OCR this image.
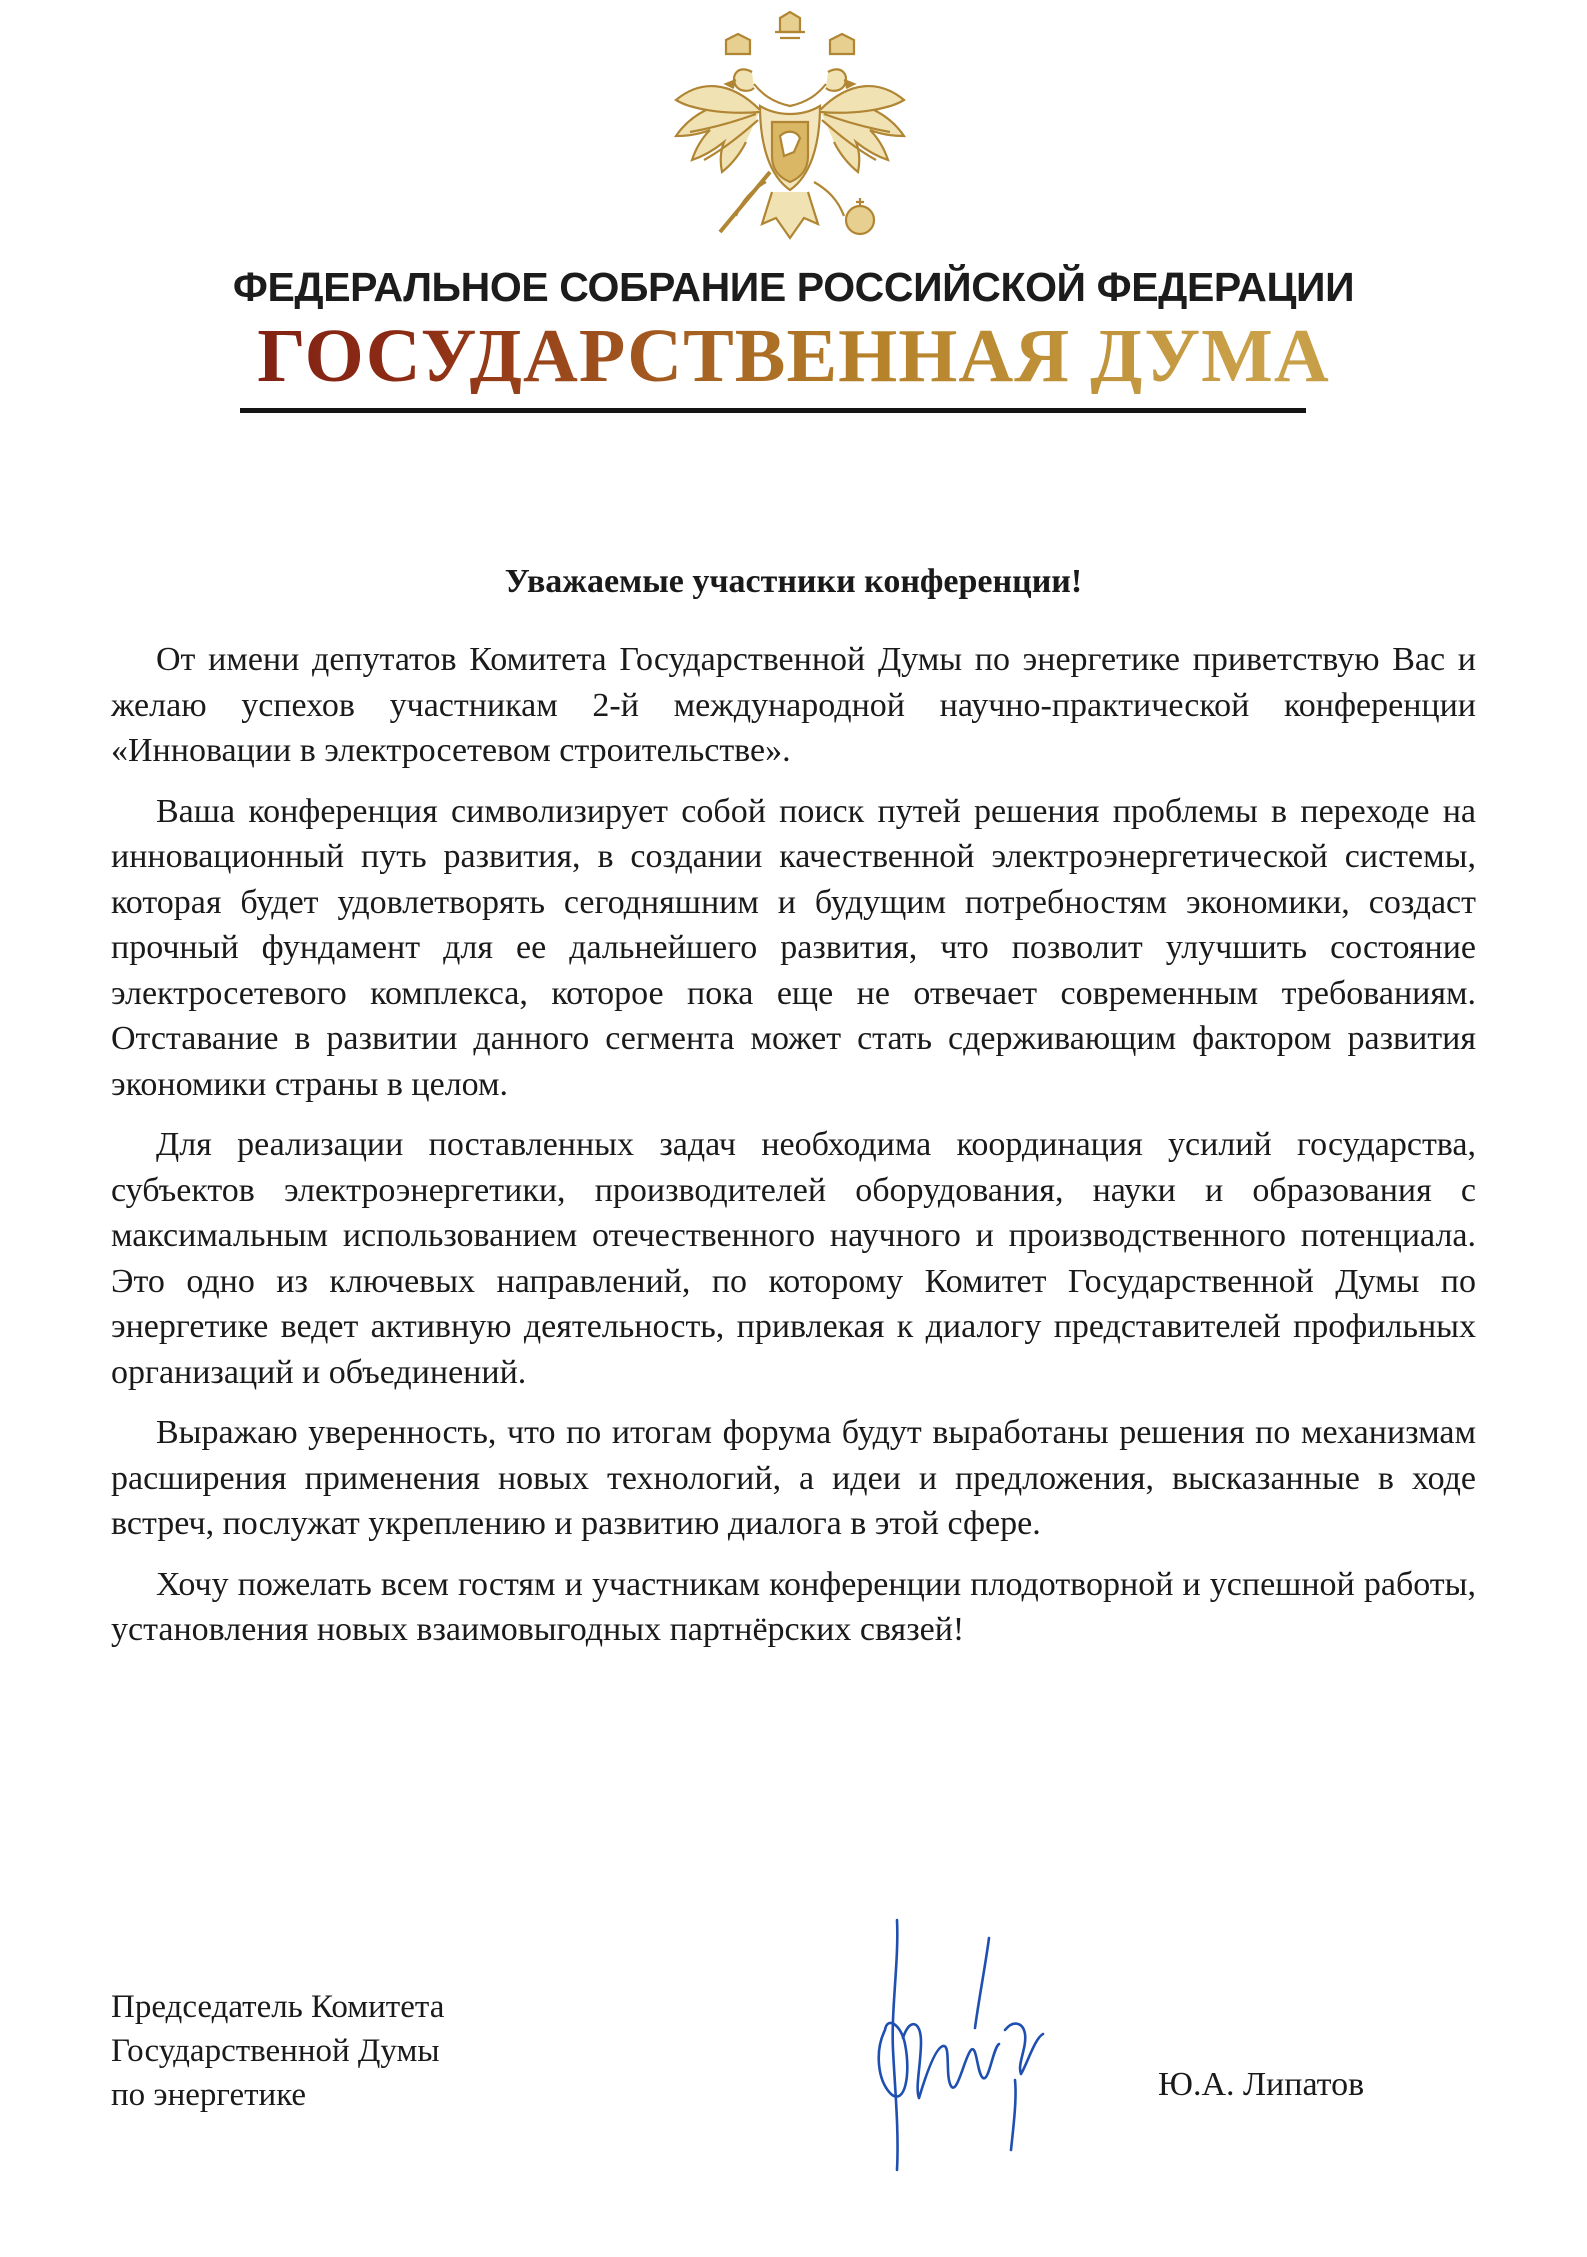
ФЕДЕРАЛЬНОЕ СОБРАНИЕ РОССИЙСКОЙ ФЕДЕРАЦИИ
ГОСУДАРСТВЕННАЯ ДУМА
Уважаемые участники конференции!

От имени депутатов Комитета Государственной Думы по энергетике приветствую Вас и желаю успехов участникам 2-й международной научно-практической конференции «Инновации в электросетевом строительстве».

Ваша конференция символизирует собой поиск путей решения проблемы в переходе на инновационный путь развития, в создании качественной электроэнергетической системы, которая будет удовлетворять сегодняшним и будущим потребностям экономики, создаст прочный фундамент для ее дальнейшего развития, что позволит улучшить состояние электросетевого комплекса, которое пока еще не отвечает современным требованиям. Отставание в развитии данного сегмента может стать сдерживающим фактором развития экономики страны в целом.

Для реализации поставленных задач необходима координация усилий государства, субъектов электроэнергетики, производителей оборудования, науки и образования с максимальным использованием отечественного научного и производственного потенциала. Это одно из ключевых направлений, по которому Комитет Государственной Думы по энергетике ведет активную деятельность, привлекая к диалогу представителей профильных организаций и объединений.

Выражаю уверенность, что по итогам форума будут выработаны решения по механизмам расширения применения новых технологий, а идеи и предложения, высказанные в ходе встреч, послужат укреплению и развитию диалога в этой сфере.

Хочу пожелать всем гостям и участникам конференции плодотворной и успешной работы, установления новых взаимовыгодных партнёрских связей!

Председатель Комитета
Государственной Думы
по энергетике	Ю.А. Липатов
